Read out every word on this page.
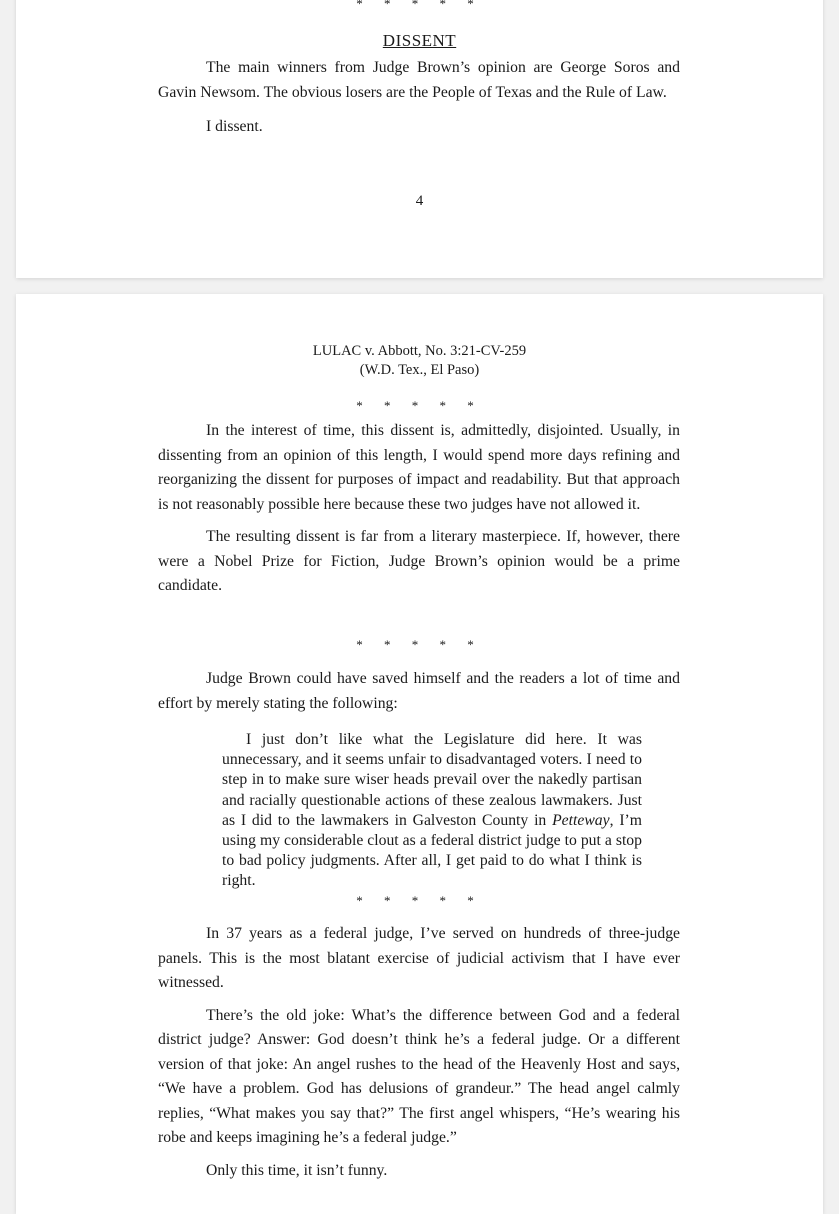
* * * * *
DISSENT

The main winners from Judge Brown’s opinion are George Soros and Gavin Newsom. The obvious losers are the People of Texas and the Rule of Law.

I dissent.

4
LULAC v. Abbott, No. 3:21-CV-259
(W.D. Tex., El Paso)
* * * * *

In the interest of time, this dissent is, admittedly, disjointed. Usually, in dissenting from an opinion of this length, I would spend more days refining and reorganizing the dissent for purposes of impact and readability. But that approach is not reasonably possible here because these two judges have not allowed it.

The resulting dissent is far from a literary masterpiece. If, however, there were a Nobel Prize for Fiction, Judge Brown’s opinion would be a prime candidate.

* * * * *

Judge Brown could have saved himself and the readers a lot of time and effort by merely stating the following:

I just don’t like what the Legislature did here. It was unnecessary, and it seems unfair to disadvantaged voters. I need to step in to make sure wiser heads prevail over the nakedly partisan and racially questionable actions of these zealous lawmakers. Just as I did to the lawmakers in Galveston County in Petteway, I’m using my considerable clout as a federal district judge to put a stop to bad policy judgments. After all, I get paid to do what I think is right.
* * * * *

In 37 years as a federal judge, I’ve served on hundreds of three-judge panels. This is the most blatant exercise of judicial activism that I have ever witnessed.

There’s the old joke: What’s the difference between God and a federal district judge? Answer: God doesn’t think he’s a federal judge. Or a different version of that joke: An angel rushes to the head of the Heavenly Host and says, “We have a problem. God has delusions of grandeur.” The head angel calmly replies, “What makes you say that?” The first angel whispers, “He’s wearing his robe and keeps imagining he’s a federal judge.”

Only this time, it isn’t funny.
